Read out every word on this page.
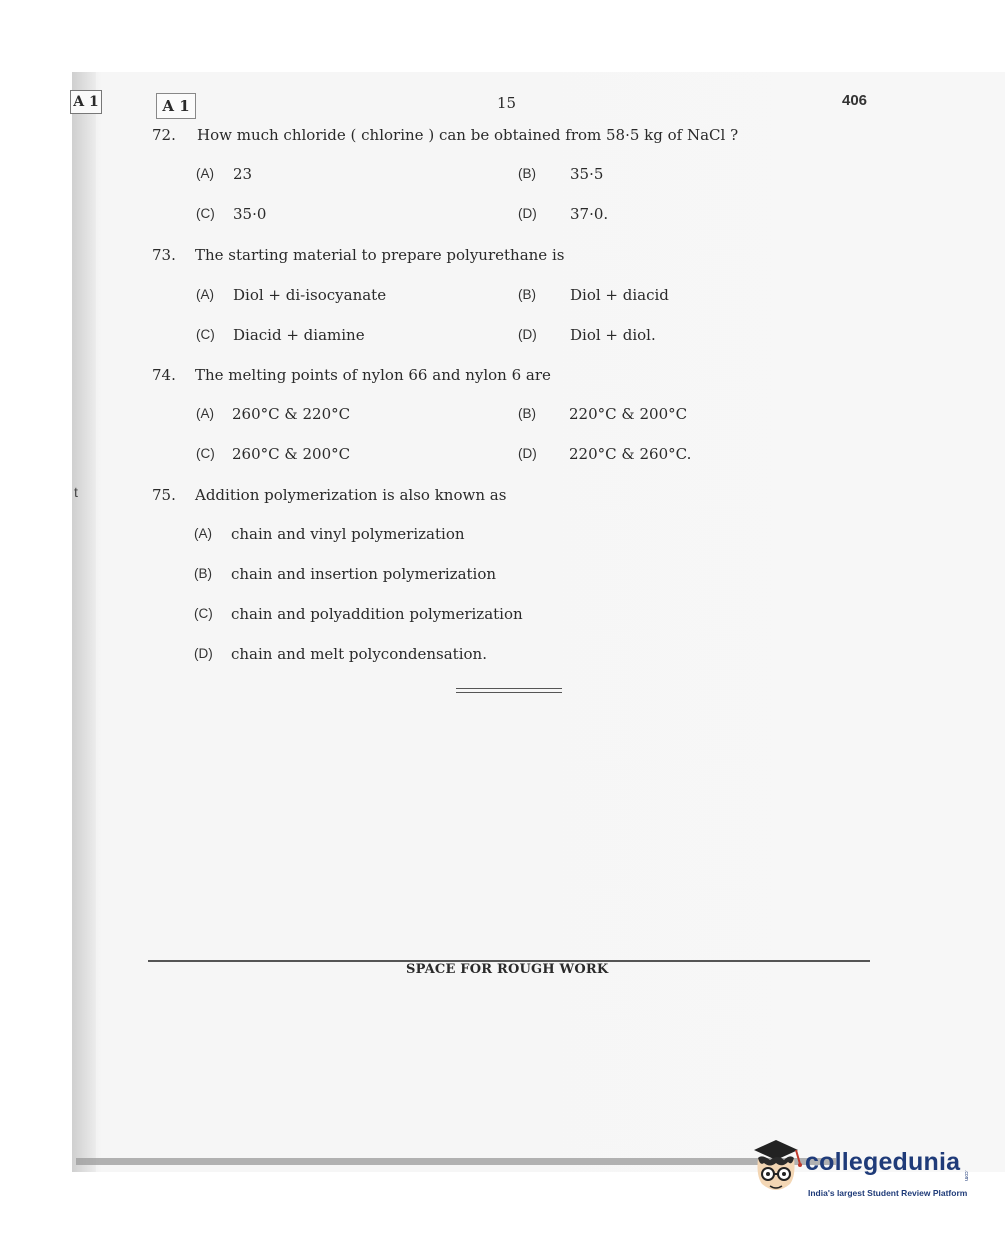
A 1	A 1	15	406
t
72. How much chloride ( chlorine ) can be obtained from 58·5 kg of NaCl ?
(A) 23	(B) 35·5
(C) 35·0	(D) 37·0.
73. The starting material to prepare polyurethane is
(A) Diol + di-isocyanate	(B) Diol + diacid
(C) Diacid + diamine	(D) Diol + diol.
74. The melting points of nylon 66 and nylon 6 are
(A) 260°C & 220°C	(B) 220°C & 200°C
(C) 260°C & 200°C	(D) 220°C & 260°C.
75. Addition polymerization is also known as
(A) chain and vinyl polymerization
(B) chain and insertion polymerization
(C) chain and polyaddition polymerization
(D) chain and melt polycondensation.
SPACE FOR ROUGH WORK
collegedunia .com
India's largest Student Review Platform
